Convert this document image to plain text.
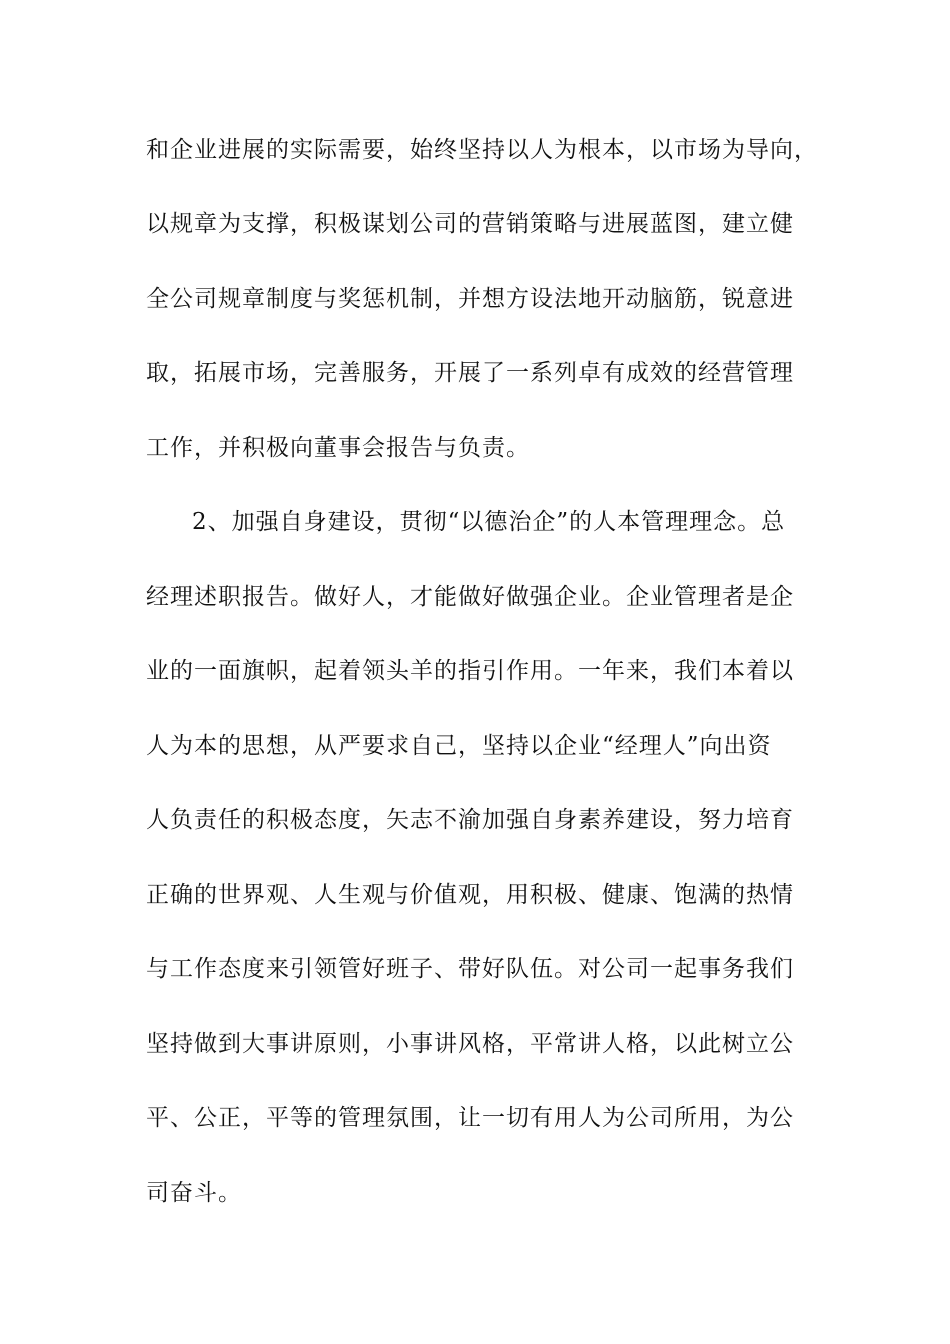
和企业进展的实际需要，始终坚持以人为根本，以市场为导向，
以规章为支撑，积极谋划公司的营销策略与进展蓝图，建立健
全公司规章制度与奖惩机制，并想方设法地开动脑筋，锐意进
取，拓展市场，完善服务，开展了一系列卓有成效的经营管理
工作，并积极向董事会报告与负责。
2、加强自身建设，贯彻“以德治企”的人本管理理念。总
经理述职报告。做好人，才能做好做强企业。企业管理者是企
业的一面旗帜，起着领头羊的指引作用。一年来，我们本着以
人为本的思想，从严要求自己，坚持以企业“经理人”向出资
人负责任的积极态度，矢志不渝加强自身素养建设，努力培育
正确的世界观、人生观与价值观，用积极、健康、饱满的热情
与工作态度来引领管好班子、带好队伍。对公司一起事务我们
坚持做到大事讲原则，小事讲风格，平常讲人格，以此树立公
平、公正，平等的管理氛围，让一切有用人为公司所用，为公
司奋斗。
